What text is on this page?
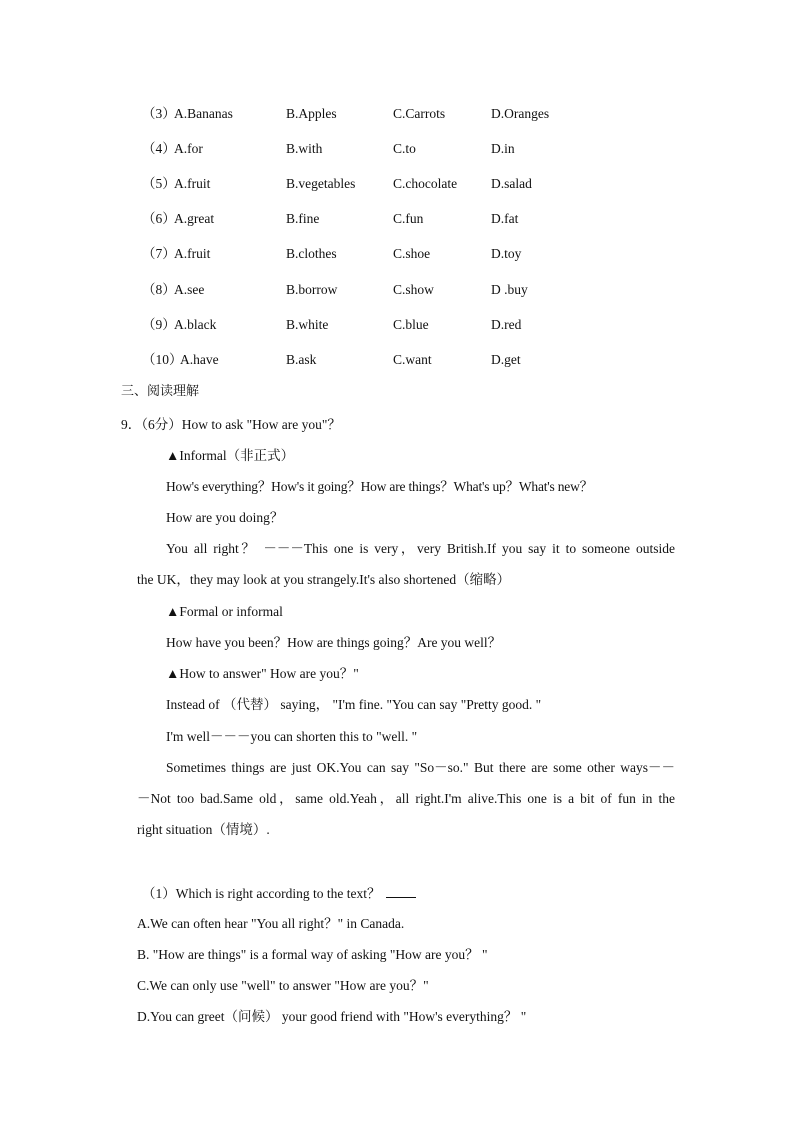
（3）
A.Bananas	B.Apples	C.Carrots	D.Oranges
（4）
A.for	B.with	C.to	D.in
（5）
A.fruit	B.vegetables	C.chocolate	D.salad
（6）
A.great	B.fine	C.fun	D.fat
（7）
A.fruit	B.clothes	C.shoe	D.toy
（8）
A.see	B.borrow	C.show	D .buy
（9）
A.black	B.white	C.blue	D.red
（10）
A.have	B.ask	C.want	D.get
三、阅读理解
9．（6分）How to ask "How are you"？
▲Informal（非正式）
How's everything？How's it going？How are things？What's up？What's new？
How are you doing？
You all right？ －－－This one is very，very British.If you say it to someone outside
the UK，they may look at you strangely.It's also shortened（缩略）
▲Formal or informal
How have you been？How are things going？Are you well？
▲How to answer" How are you？"
Instead of （代替） saying， "I'm fine. "You can say "Pretty good. "
I'm well－－－you can shorten this to "well. "
Sometimes things are just OK.You can say "So－so." But there are some other ways－－
－Not too bad.Same old，same old.Yeah，all right.I'm alive.This one is a bit of fun in the
right situation（情境）.
（1）Which is right according to the text？
A.We can often hear "You all right？" in Canada.
B. "How are things" is a formal way of asking "How are you？ "
C.We can only use "well" to answer "How are you？"
D.You can greet（问候） your good friend with "How's everything？ "
